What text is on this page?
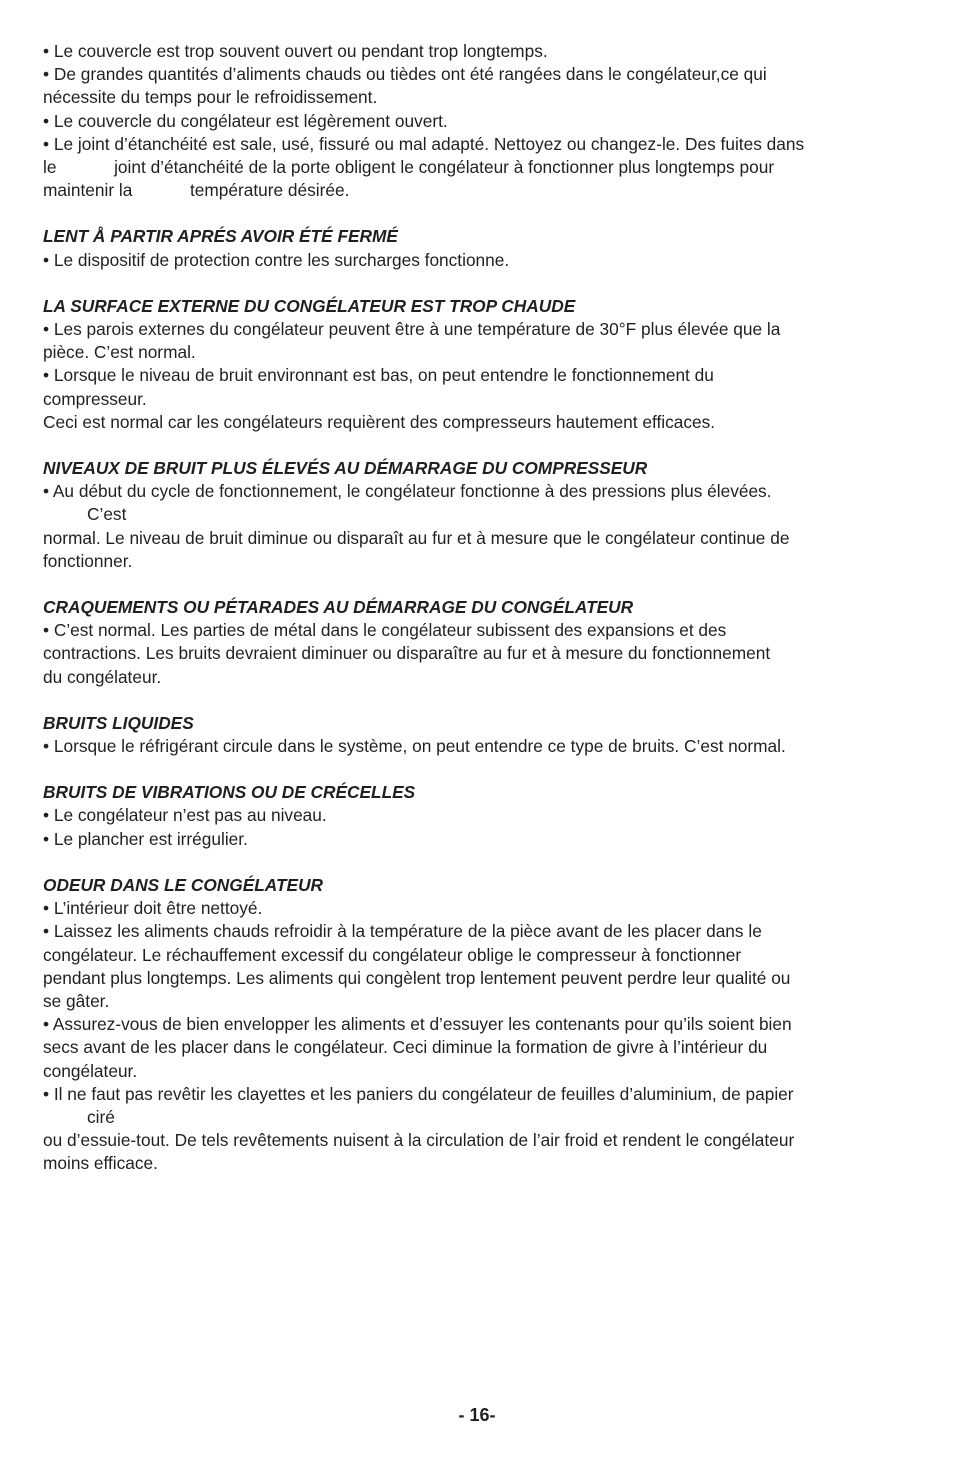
• Le couvercle est trop souvent ouvert ou pendant trop longtemps.
• De grandes quantités d’aliments chauds ou tièdes ont été rangées dans le congélateur,ce qui
nécessite du temps pour le refroidissement.
• Le couvercle du congélateur est légèrement ouvert.
• Le joint d’étanchéité est sale, usé, fissuré ou mal adapté. Nettoyez ou changez-le. Des fuites dans
le            joint d’étanchéité de la porte obligent le congélateur à fonctionner plus longtemps pour
maintenir la            température désirée.
LENT Å PARTIR APRÉS AVOIR ÉTÉ FERMÉ
• Le dispositif de protection contre les surcharges fonctionne.
LA SURFACE EXTERNE DU CONGÉLATEUR EST TROP CHAUDE
• Les parois externes du congélateur peuvent être à une température de 30°F plus élevée que la
pièce. C’est normal.
• Lorsque le niveau de bruit environnant est bas, on peut entendre le fonctionnement du
compresseur.
Ceci est normal car les congélateurs requièrent des compresseurs hautement efficaces.
NIVEAUX DE BRUIT PLUS ÉLEVÉS AU DÉMARRAGE DU COMPRESSEUR
• Au début du cycle de fonctionnement, le congélateur fonctionne à des pressions plus élevées.
C’est
normal. Le niveau de bruit diminue ou disparaît au fur et à mesure que le congélateur continue de
fonctionner.
CRAQUEMENTS OU PÉTARADES AU DÉMARRAGE DU CONGÉLATEUR
• C’est normal. Les parties de métal dans le congélateur subissent des expansions et des
contractions. Les bruits devraient diminuer ou disparaître au fur et à mesure du fonctionnement
du congélateur.
BRUITS LIQUIDES
• Lorsque le réfrigérant circule dans le système, on peut entendre ce type de bruits. C’est normal.
BRUITS DE VIBRATIONS OU DE CRÉCELLES
• Le congélateur n’est pas au niveau.
• Le plancher est irrégulier.
ODEUR DANS LE CONGÉLATEUR
• L’intérieur doit être nettoyé.
• Laissez les aliments chauds refroidir à la température de la pièce avant de les placer dans le
congélateur. Le réchauffement excessif du congélateur oblige le compresseur à fonctionner
pendant plus longtemps. Les aliments qui congèlent trop lentement peuvent perdre leur qualité ou
se gâter.
• Assurez-vous de bien envelopper les aliments et d’essuyer les contenants pour qu’ils soient bien
secs avant de les placer dans le congélateur. Ceci diminue la formation de givre à l’intérieur du
congélateur.
• Il ne faut pas revêtir les clayettes et les paniers du congélateur de feuilles d’aluminium, de papier
ciré
ou d’essuie-tout. De tels revêtements nuisent à la circulation de l’air froid et rendent le congélateur
moins efficace.
- 16-
